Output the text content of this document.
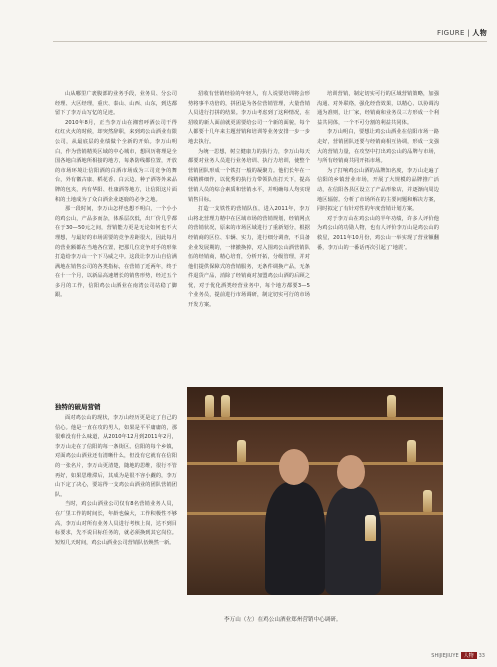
FIGURE | 人物

山从哪里广袤腹部的业务手段，业务员、分公司经理、大区经理，重庆、泰山、山西、山东，到达都留下了李万山写忆的足迹。

2010年8月，正当李万山在湘窖呼酒公司干得红红火火的时候，却突然辞职，来到鸡公山酒业有限公司，从最底层的业绩做个全新的开始。李万山明白，作为营销精英区域的中心城市，想回历将理是全国各地白酒地所相接的地方，每条防线都位置，开放的市场环境让信阳酒的白酒市场成为三司竞争的舞台，外有徽古康、稻花香、白云边、种子酒等外来品牌的包夹，内有华阳、杜康酒等地方，让信阳这片面积的土地成为了众白酒企业逐鹿的必争之地。

那一段时间，李万山怎样也想不明白，一个小小的鸡公山，产品多而杂，体系层次低，出厂价几乎都在于30—50元之间，营销能力更是无论如何也不大理想，与最好的市场需要的竞争差距很大，因此每月的营业额都在当地各位置，把那几位竞争对手的形象打造给李万山一个下马威之中。这段让李万山自信满满地在销售公司的各类指标，在营销了近两年，终于在十一个月，以新品高速增长的销售形势，经过五个多月的工作，信阳鸡公山酒业在南湾公司站稳了脚跟。

招收有营销经验的年轻人，有人说要培训将会形势将事半功倍的，拼团是为各位营销管理，大量营销人员进行打拼的结果。李万山考虑到了这种情况，在招收的新人面前就更需要给公司一个新的面貌，每个人都要十几年来主题营销和培训等业务安排一步一步地去执行。

为统一思想，树立健康力的执行力，李万山每天都要对业务人员进行业务培训、执行力培训，使整个营销团队形成一个铁打一般的凝聚力。他们长年在一线精耕细作，以优秀的执行力带领队伍打天下，提高营销人员的综合素质和营销水平，并明确每人均实现销售目标。

打造一支铁性的营销队伍，进入2011年，李万山将北营理力精中在区域市场的营销规划，经销网点的营销状况，原来的市场区域进行了重新划分，根据经销商的区位、车辆、实力，进行细分调查，不具备企业发展期的，一律撤换掉，对入围鸡公山酒营销队伍的经销商，精心培育，分析开拓，分级管理，并对他们提供保障式的营销服务，无条件调换产品，无条件退货产品，消除了经销商对加盟鸡公山酒的后顾之忧，对于优化酒类经营业务中，每个地方都要3—5个业务员，提前进行市场调研，制定切实可行的市场开发方案。

培训营销，制定切实可行的区域营销策略，加强沟通、对外联络，强化经营效果，以精心、以协调沟通为准则，让厂家，经销商和业务员三方形成一个利益共同体，一个不可分割的利益共同体。

李万山明白，要想让鸡公山酒业在信阳市场一路走好，营销团队还要与经销商相互协调，形成一支强大的营销力量，在攻坚中打出鸡公山的品牌与市场，与所有经销商共同开拓市场。

为了打响鸡公山酒的品牌知名度，李万山走遍了信阳的乡镇营业市场，开展了大规模的品牌推广活动，在信阳各县区设立了产品形象店，并逐渐向周边地区辐射。分析了市场所在的主要问题和解决方案，同时拟定了有针对性的年度营销计划方案。

对于李万山在鸡公山的半年功绩，许多人评价他为鸡公山的功勋人物，也有人评价李万山是鸡公山的救星，2011年10月份，鸡公山一举实现了营业额翻番，李万山的一番话再次引起了‘地震’。

独特的破局营销

面对鸡公山的现状，李万山经历更是定了自己的信心。他是一直在攻的男人，如果是平平庸庸的，那很难没有什么味道，从2010年12月到2011年2月，李万山走在了信阳的每一条街区。信阳的每个乡镇，对面鸡公山酒业还有清晰什么，但没有它就有在信阳的一张名片，李万山更清楚，随地的思维，很行不管再好，如果思维滞后，其成为是很不容小觑的，李万山下定了决心，要站得一支鸡公山酒业的团队营销团队。

当时，鸡公山酒业公司仅有8名营销业务人员，在厂里工作的时间长，年龄也偏大，工作积极性不够高，李万山对所有业务人员进行考核上岗，达不到目标要求，先不说目标任务的，就必须换到其它岗位。短短几天时间，鸡公山酒业公司营销队伍焕然一新。

李万山（左）在鸡公山酒业郑州营销中心调研。
SHIJIEJIUYE 人物 33
